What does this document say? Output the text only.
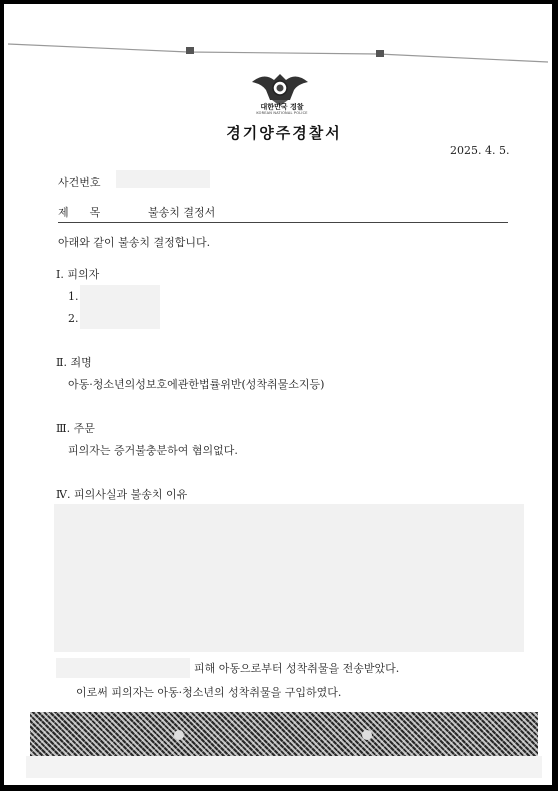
대한민국 경찰
KOREAN NATIONAL POLICE
경기양주경찰서
2025. 4. 5.
사건번호
제      목	불송치 결정서
아래와 같이 불송치 결정합니다.
Ⅰ. 피의자
1.
2.
Ⅱ. 죄명
아동·청소년의성보호에관한법률위반(성착취물소지등)
Ⅲ. 주문
피의자는 증거불충분하여 혐의없다.
Ⅳ. 피의사실과 불송치 이유
피해 아동으로부터 성착취물을 전송받았다.
이로써 피의자는 아동·청소년의 성착취물을 구입하였다.
